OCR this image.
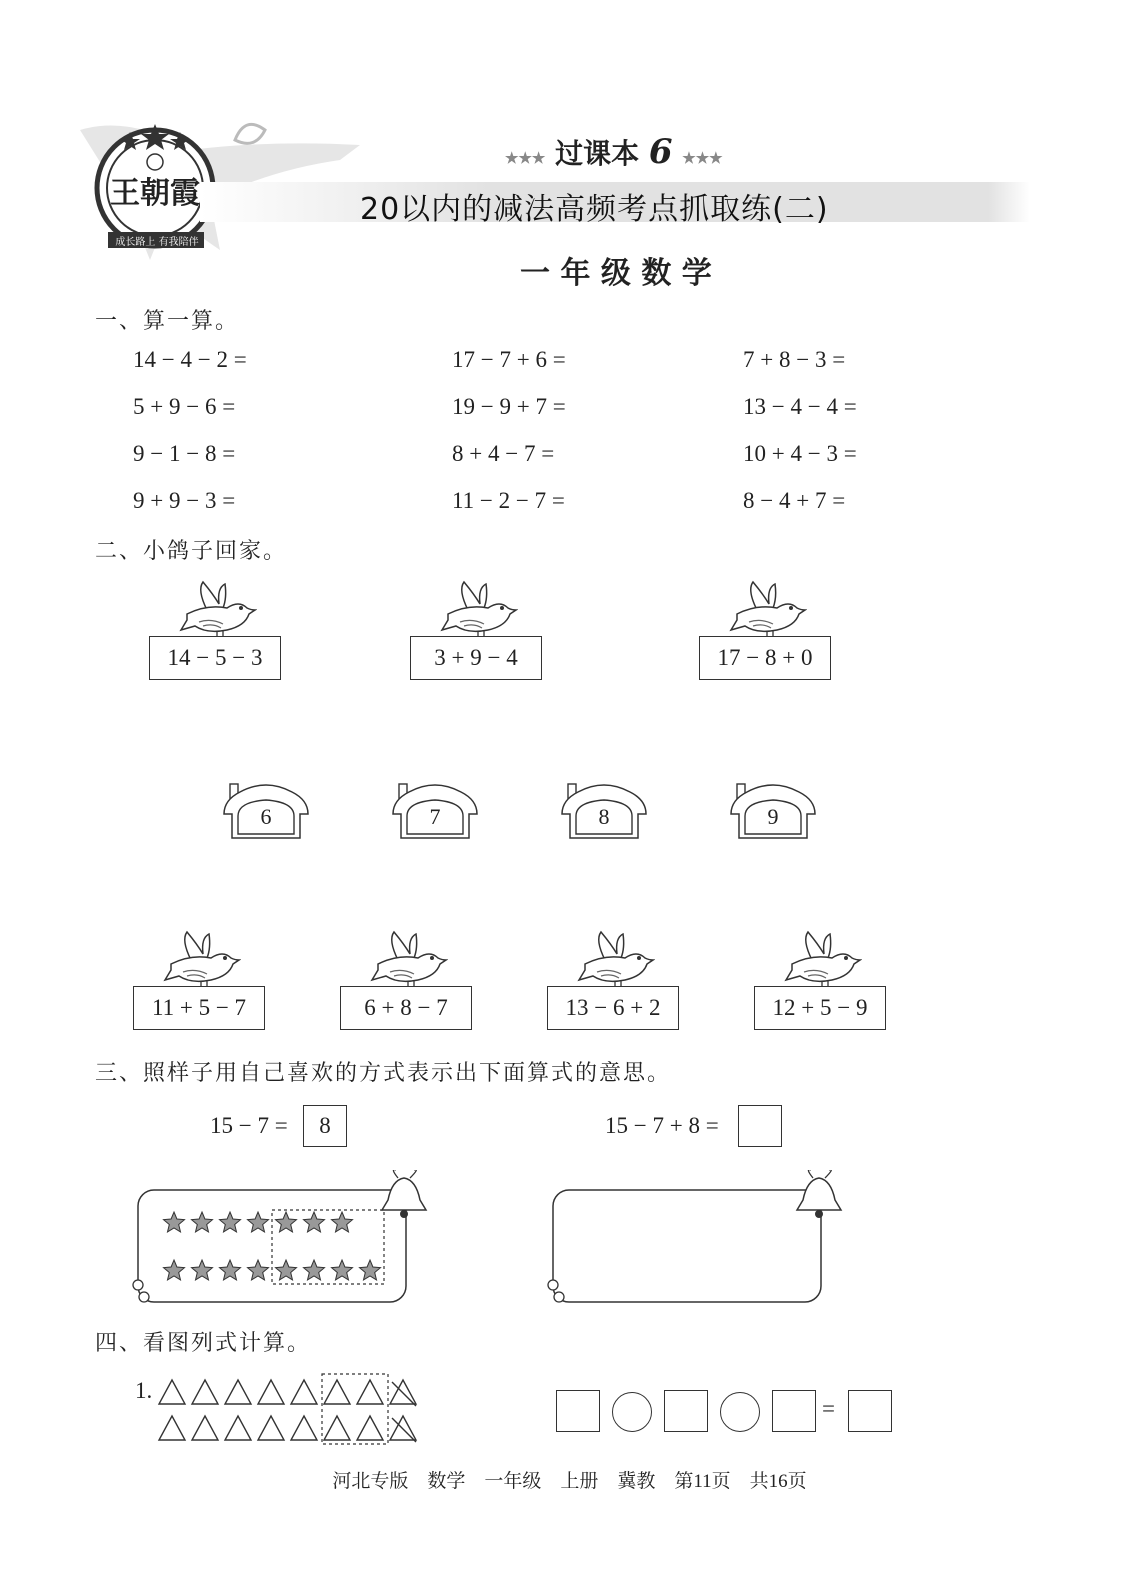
王朝霞
成长路上 有我陪伴
★★★ 过课本 6 ★★★
20以内的减法高频考点抓取练(二)
一 年 级 数 学
一、算一算。
14 − 4 − 2 =	17 − 7 + 6 =	7 + 8 − 3 =
5 + 9 − 6 =	19 − 9 + 7 =	13 − 4 − 4 =
9 − 1 − 8 =	8 + 4 − 7 =	10 + 4 − 3 =
9 + 9 − 3 =	11 − 2 − 7 =	8 − 4 + 7 =
二、小鸽子回家。
14 − 5 − 3	3 + 9 − 4	17 − 8 + 0
6	7	8	9
11 + 5 − 7	6 + 8 − 7	13 − 6 + 2	12 + 5 − 9
三、照样子用自己喜欢的方式表示出下面算式的意思。
15 − 7 =	8	15 − 7 + 8 =
四、看图列式计算。
1.
=
河北专版　数学　一年级　上册　冀教　第11页　共16页
